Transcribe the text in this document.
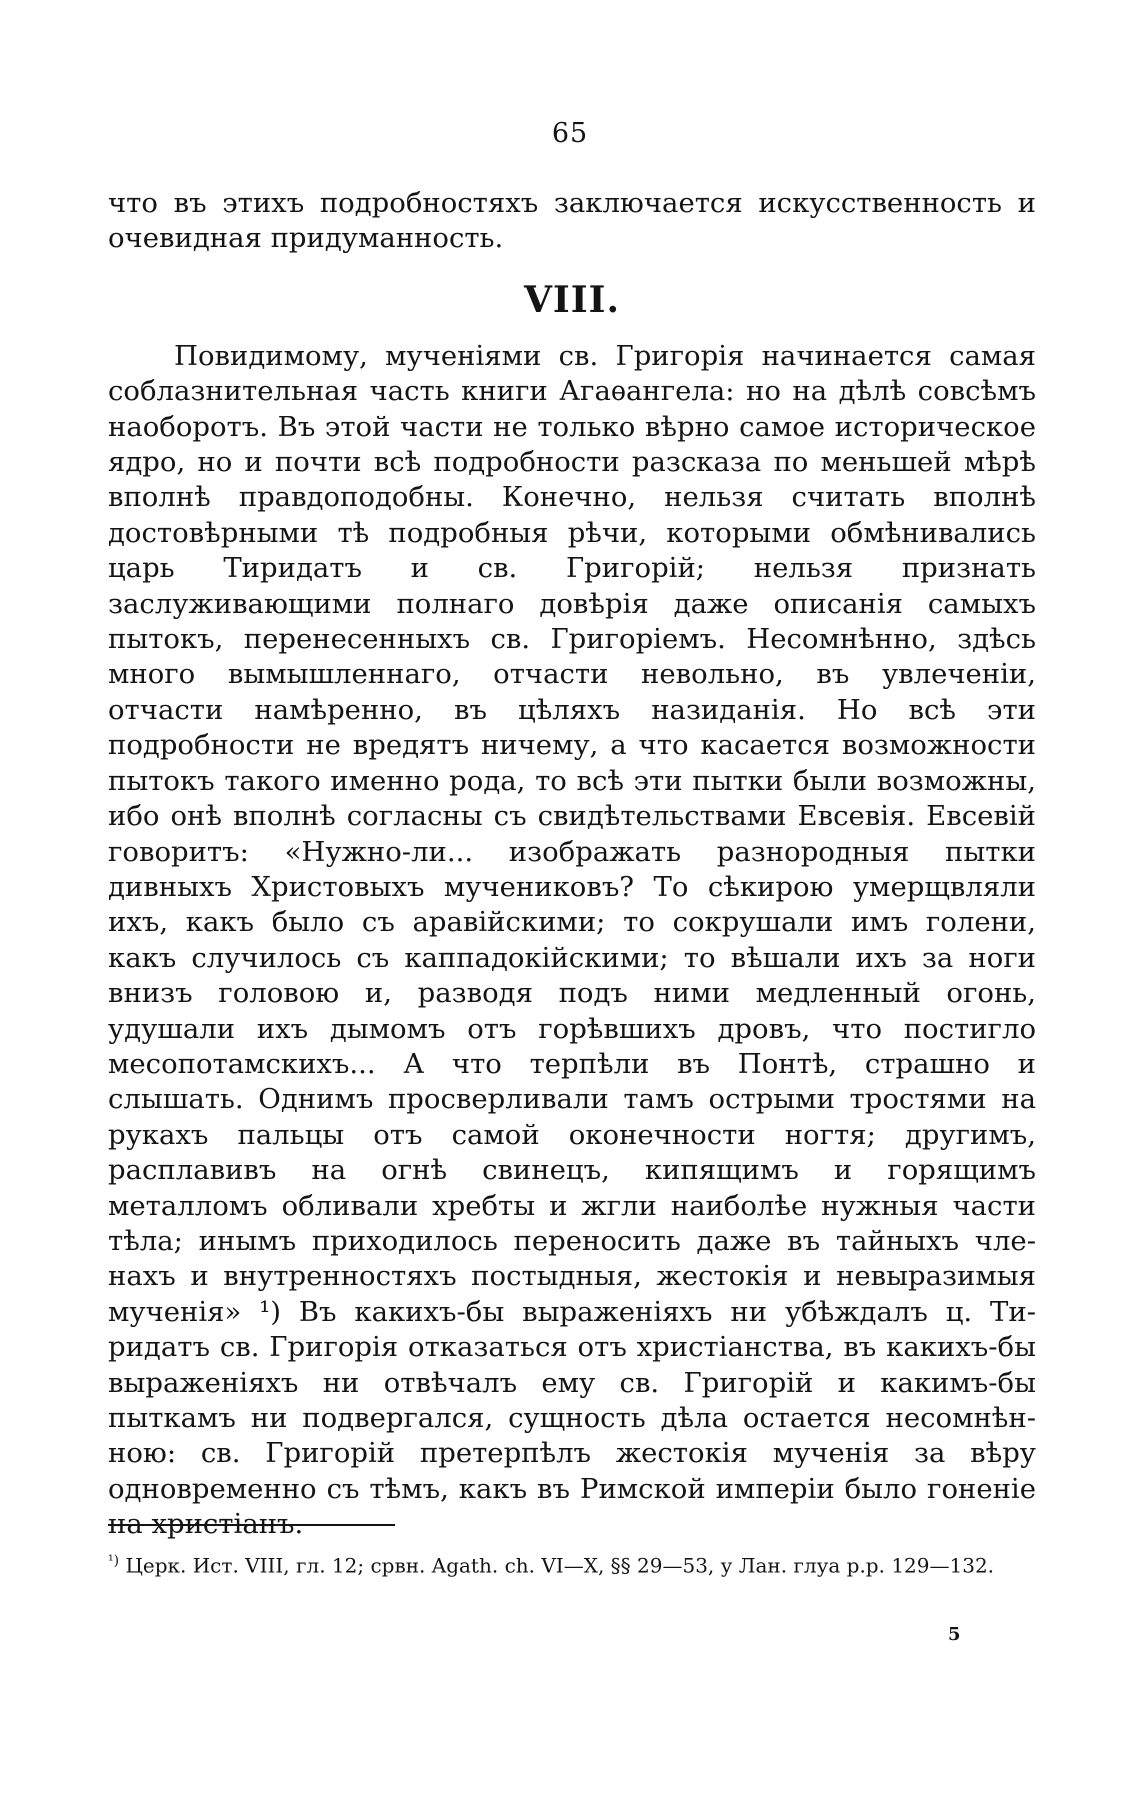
65

что въ этихъ подробностяхъ заключается искусственность и очевидная придуманность.

VIII.

Повидимому, мученіями св. Григорія начинается самая соблазнительная часть книги Агаѳангела: но на дѣлѣ совсѣмъ наоборотъ. Въ этой части не только вѣрно самое историческое ядро, но и почти всѣ подробности разсказа по меньшей мѣрѣ вполнѣ правдоподобны. Конечно, нельзя считать вполнѣ достовѣрными тѣ подробныя рѣчи, которыми обмѣнивались царь Тиридатъ и св. Григорій; нельзя признать заслуживающими полнаго довѣрія даже описанія самыхъ пытокъ, перенесенныхъ св. Григоріемъ. Несомнѣнно, здѣсь много вымышленнаго, отчасти невольно, въ увлеченіи, отчасти намѣренно, въ цѣляхъ назиданія. Но всѣ эти подробности не вредятъ ничему, а что касается возможности пытокъ такого именно рода, то всѣ эти пытки были возможны, ибо онѣ вполнѣ согласны съ свидѣтельствами Евсевія. Евсевій говоритъ: «Нужно-ли... изображать разнородныя пытки дивныхъ Христовыхъ мучениковъ? То сѣкирою умерщвляли ихъ, какъ было съ аравійскими; то сокрушали имъ голени, какъ случилось съ каппадокійскими; то вѣшали ихъ за ноги внизъ головою и, разводя подъ ними медленный огонь, удушали ихъ дымомъ отъ горѣвшихъ дровъ, что постигло месопотамскихъ... А что терпѣли въ Понтѣ, страшно и слышать. Однимъ просверливали тамъ острыми тростями на рукахъ пальцы отъ самой оконечности ногтя; другимъ, расплавивъ на огнѣ свинецъ, кипящимъ и горящимъ металломъ обливали хребты и жгли наиболѣе нужныя части тѣла; инымъ приходилось переносить даже въ тайныхъ членахъ и внутренностяхъ постыдныя, жестокія и невыразимыя мученія» ¹) Въ какихъ-бы выраженіяхъ ни убѣждалъ ц. Тиридатъ св. Григорія отказаться отъ христіанства, въ какихъ-бы выраженіяхъ ни отвѣчалъ ему св. Григорій и какимъ-бы пыткамъ ни подвергался, сущность дѣла остается несомнѣнною: св. Григорій претерпѣлъ жестокія мученія за вѣру одновременно съ тѣмъ, какъ въ Римской имперіи было гоненіе на христіанъ.

$^{^1)}$ Церк. Ист. VIII, гл. 12; срвн. Agath. ch. VI—X, §§ 29—53, у Лан. глуа р.р. 129—132.
5
